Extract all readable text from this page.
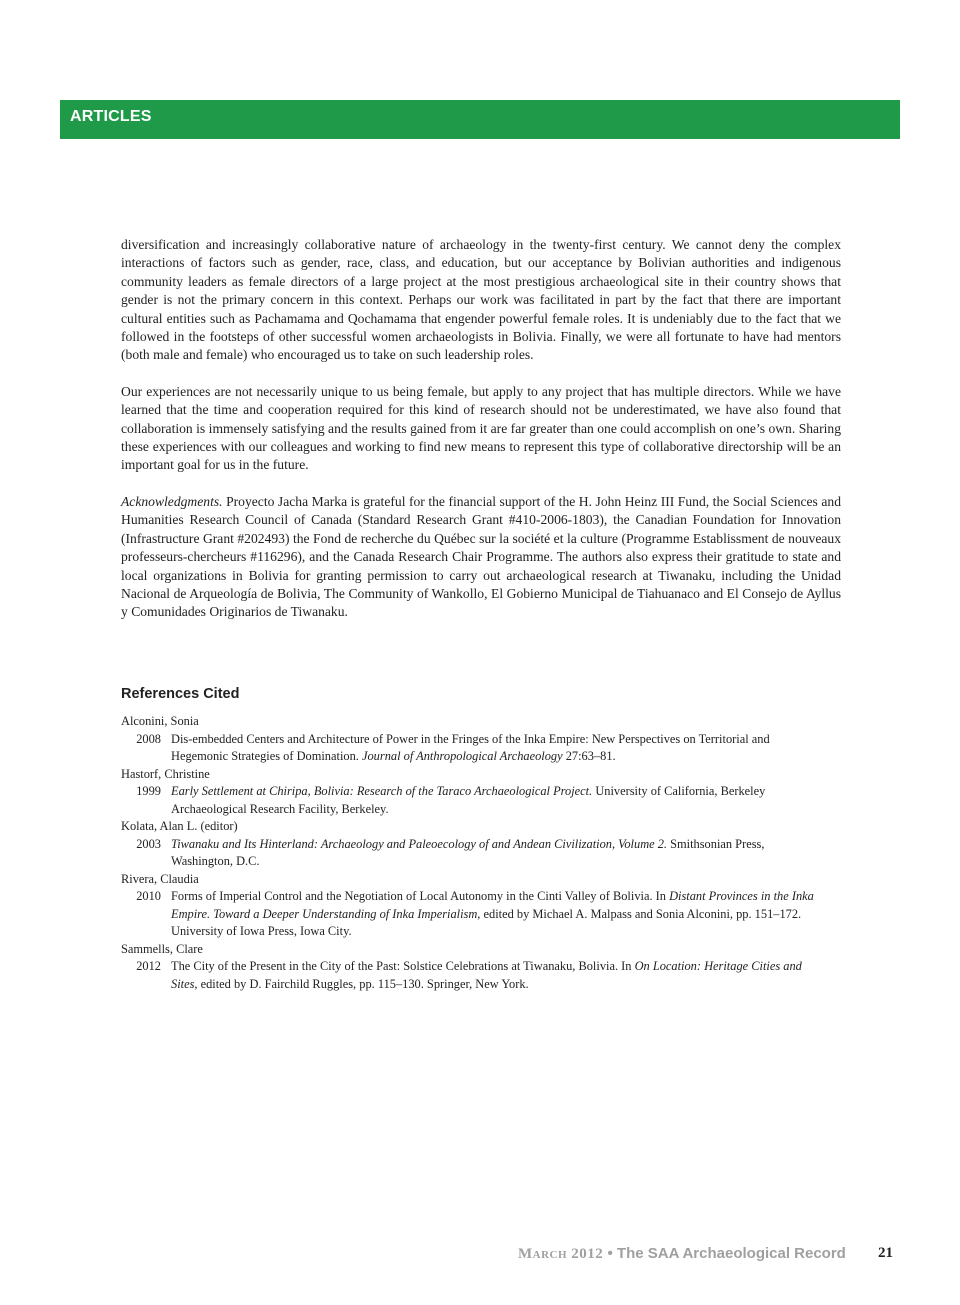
ARTICLES

diversification and increasingly collaborative nature of archaeology in the twenty-first century. We cannot deny the complex interactions of factors such as gender, race, class, and education, but our acceptance by Bolivian authorities and indigenous community leaders as female directors of a large project at the most prestigious archaeological site in their country shows that gender is not the primary concern in this context. Perhaps our work was facilitated in part by the fact that there are important cultural entities such as Pachamama and Qochamama that engender powerful female roles. It is undeniably due to the fact that we followed in the footsteps of other successful women archaeologists in Bolivia. Finally, we were all fortunate to have had mentors (both male and female) who encouraged us to take on such leadership roles.

Our experiences are not necessarily unique to us being female, but apply to any project that has multiple directors. While we have learned that the time and cooperation required for this kind of research should not be underestimated, we have also found that collaboration is immensely satisfying and the results gained from it are far greater than one could accomplish on one’s own. Sharing these experiences with our colleagues and working to find new means to represent this type of collaborative directorship will be an important goal for us in the future.

Acknowledgments. Proyecto Jacha Marka is grateful for the financial support of the H. John Heinz III Fund, the Social Sciences and Humanities Research Council of Canada (Standard Research Grant #410-2006-1803), the Canadian Foundation for Innovation (Infrastructure Grant #202493) the Fond de recherche du Québec sur la société et la culture (Programme Establissment de nouveaux professeurs-chercheurs #116296), and the Canada Research Chair Programme. The authors also express their gratitude to state and local organizations in Bolivia for granting permission to carry out archaeological research at Tiwanaku, including the Unidad Nacional de Arqueología de Bolivia, The Community of Wankollo, El Gobierno Municipal de Tiahuanaco and El Consejo de Ayllus y Comunidades Originarios de Tiwanaku.

References Cited
Alconini, Sonia
2008 Dis-embedded Centers and Architecture of Power in the Fringes of the Inka Empire: New Perspectives on Territorial and Hegemonic Strategies of Domination. Journal of Anthropological Archaeology 27:63–81.
Hastorf, Christine
1999 Early Settlement at Chiripa, Bolivia: Research of the Taraco Archaeological Project. University of California, Berkeley Archaeological Research Facility, Berkeley.
Kolata, Alan L. (editor)
2003 Tiwanaku and Its Hinterland: Archaeology and Paleoecology of and Andean Civilization, Volume 2. Smithsonian Press, Washington, D.C.
Rivera, Claudia
2010 Forms of Imperial Control and the Negotiation of Local Autonomy in the Cinti Valley of Bolivia. In Distant Provinces in the Inka Empire. Toward a Deeper Understanding of Inka Imperialism, edited by Michael A. Malpass and Sonia Alconini, pp. 151–172. University of Iowa Press, Iowa City.
Sammells, Clare
2012 The City of the Present in the City of the Past: Solstice Celebrations at Tiwanaku, Bolivia. In On Location: Heritage Cities and Sites, edited by D. Fairchild Ruggles, pp. 115–130. Springer, New York.
March 2012 • The SAA Archaeological Record 21
